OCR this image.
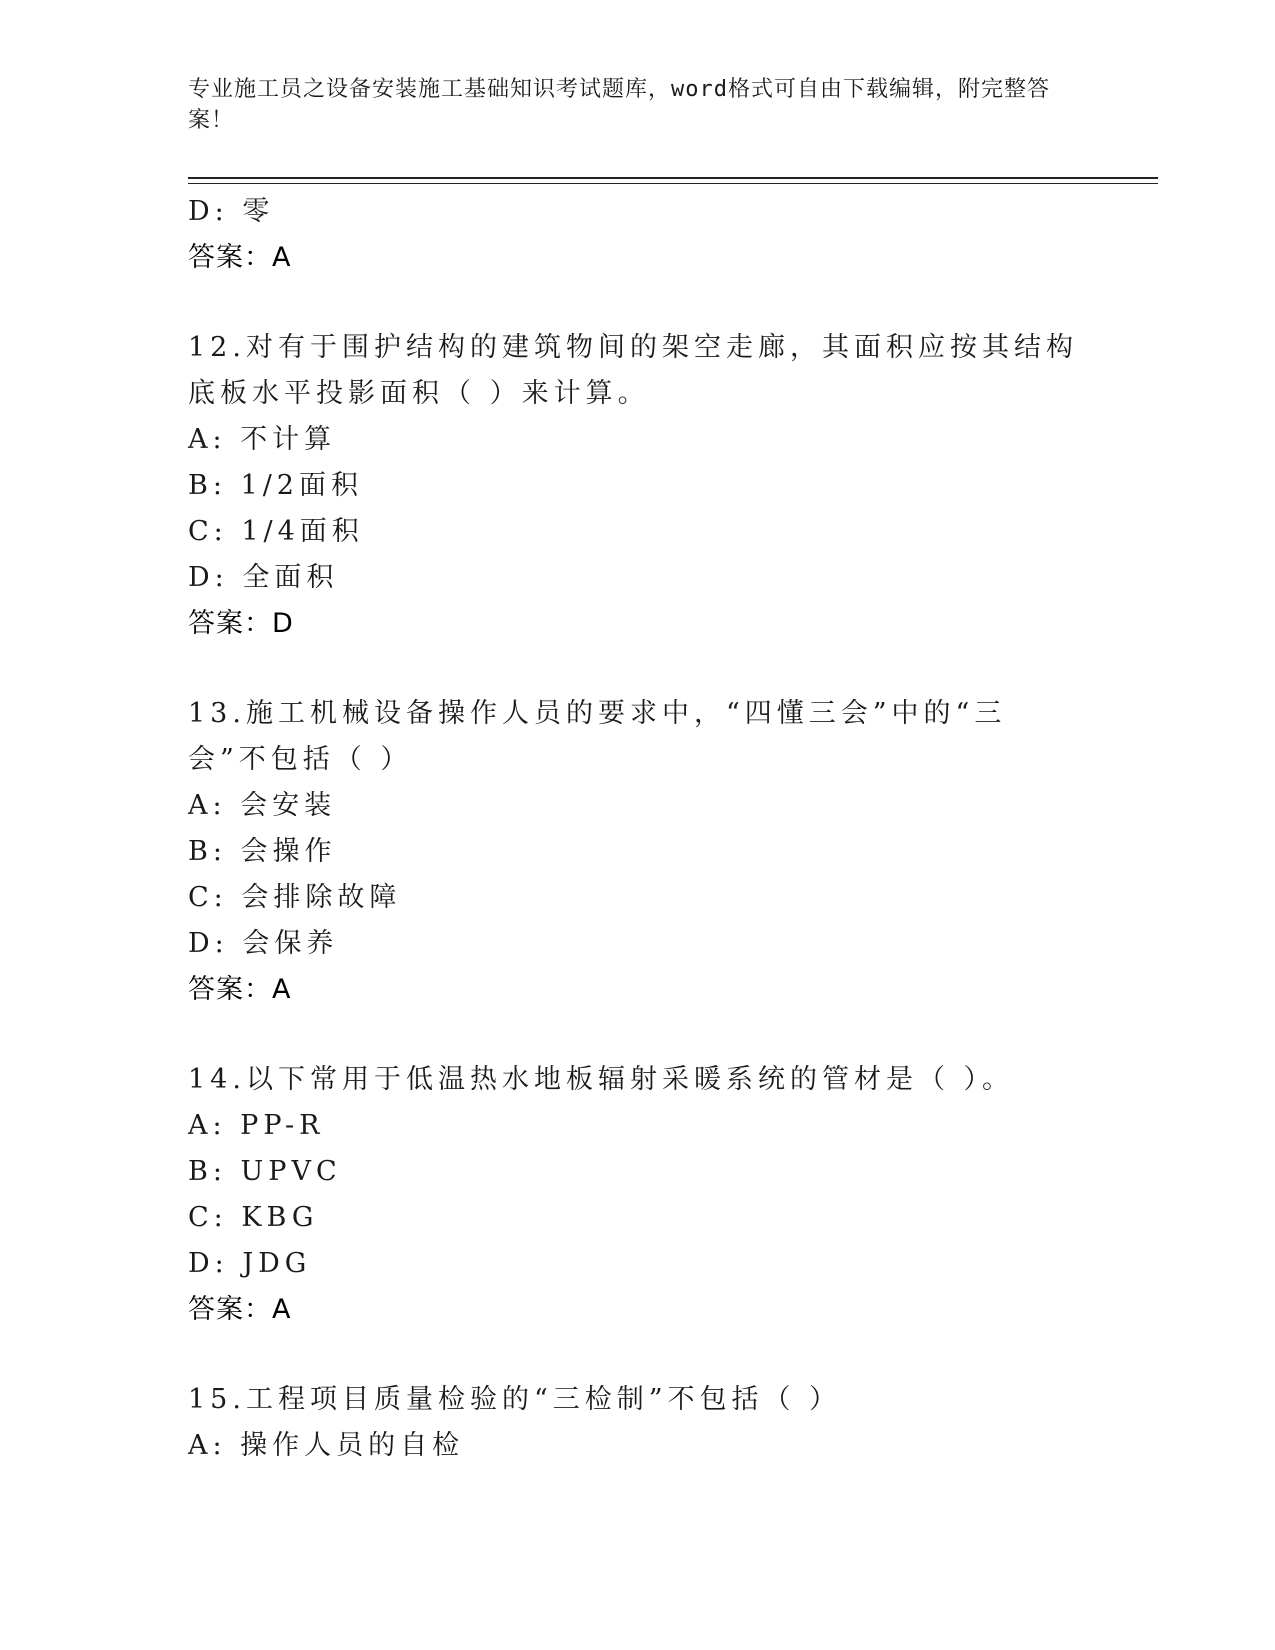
专业施工员之设备安装施工基础知识考试题库，word格式可自由下载编辑，附完整答案！
D: 零
答案：A
12.对有于围护结构的建筑物间的架空走廊，其面积应按其结构底板水平投影面积（ ）来计算。
A: 不计算
B: 1/2面积
C: 1/4面积
D: 全面积
答案：D
13.施工机械设备操作人员的要求中，“四懂三会”中的“三会”不包括（ ）
A: 会安装
B: 会操作
C: 会排除故障
D: 会保养
答案：A
14.以下常用于低温热水地板辐射采暖系统的管材是（ ）。
A: PP-R
B: UPVC
C: KBG
D: JDG
答案：A
15.工程项目质量检验的“三检制”不包括（ ）
A: 操作人员的自检
